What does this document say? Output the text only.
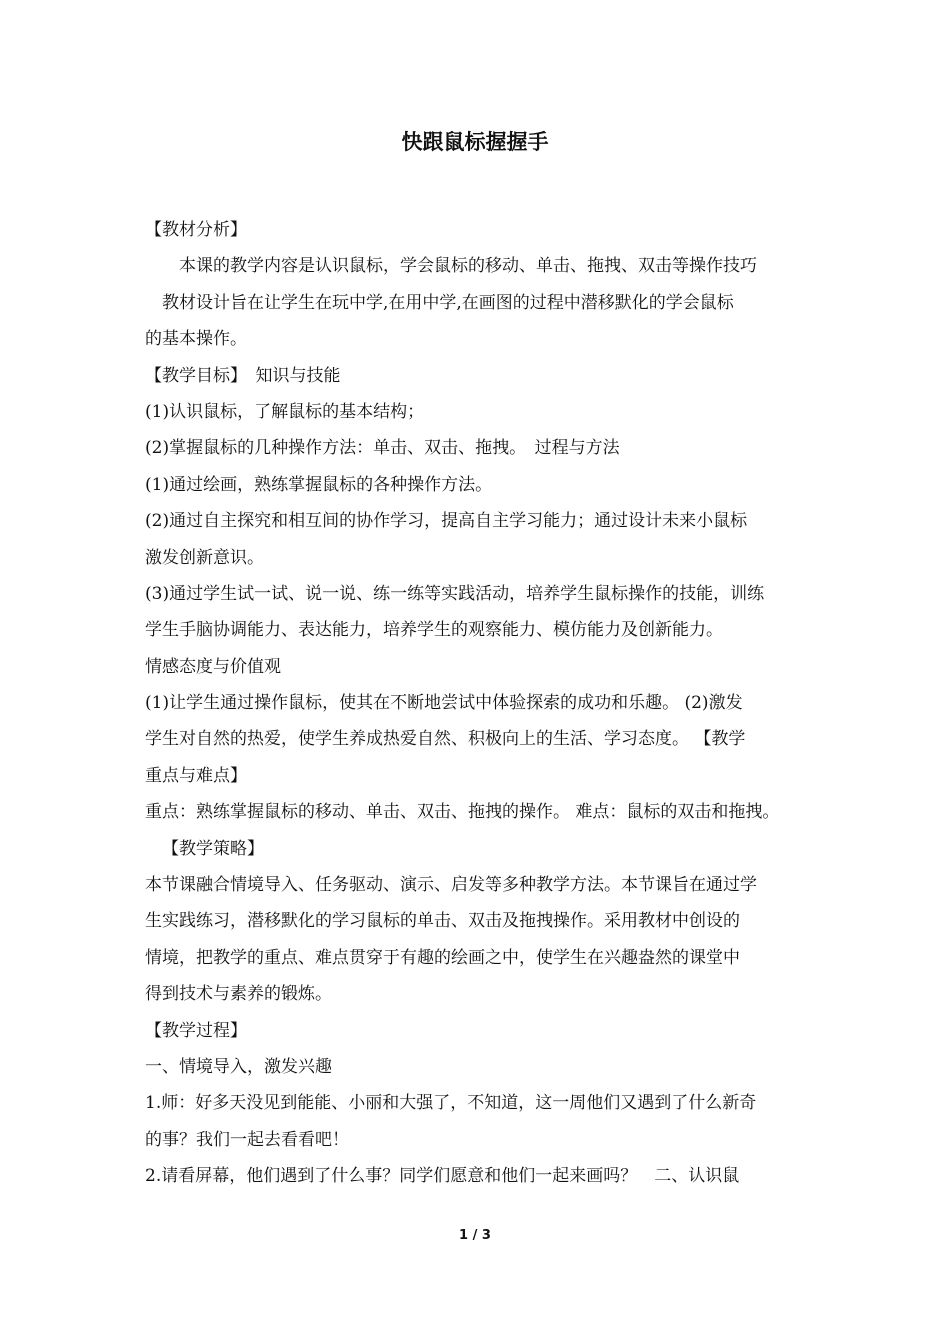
快跟鼠标握握手
【教材分析】
本课的教学内容是认识鼠标，学会鼠标的移动、单击、拖拽、双击等操作技巧
教材设计旨在让学生在玩中学,在用中学,在画图的过程中潜移默化的学会鼠标
的基本操作。
【教学目标】　知识与技能
(1)认识鼠标，了解鼠标的基本结构；
(2)掌握鼠标的几种操作方法：单击、双击、拖拽。　过程与方法
(1)通过绘画，熟练掌握鼠标的各种操作方法。
(2)通过自主探究和相互间的协作学习，提高自主学习能力；通过设计未来小鼠标
激发创新意识。
(3)通过学生试一试、说一说、练一练等实践活动，培养学生鼠标操作的技能，训练
学生手脑协调能力、表达能力，培养学生的观察能力、模仿能力及创新能力。
情感态度与价值观
(1)让学生通过操作鼠标，使其在不断地尝试中体验探索的成功和乐趣。 (2)激发
学生对自然的热爱，使学生养成热爱自然、积极向上的生活、学习态度。 【教学
重点与难点】
重点：熟练掌握鼠标的移动、单击、双击、拖拽的操作。 难点：鼠标的双击和拖拽。
【教学策略】
本节课融合情境导入、任务驱动、演示、启发等多种教学方法。本节课旨在通过学
生实践练习，潜移默化的学习鼠标的单击、双击及拖拽操作。采用教材中创设的
情境，把教学的重点、难点贯穿于有趣的绘画之中，使学生在兴趣盎然的课堂中
得到技术与素养的锻炼。
【教学过程】
一、情境导入，激发兴趣
1.师：好多天没见到能能、小丽和大强了，不知道，这一周他们又遇到了什么新奇
的事？我们一起去看看吧！
2.请看屏幕，他们遇到了什么事？同学们愿意和他们一起来画吗？　二、认识鼠
1 / 3
